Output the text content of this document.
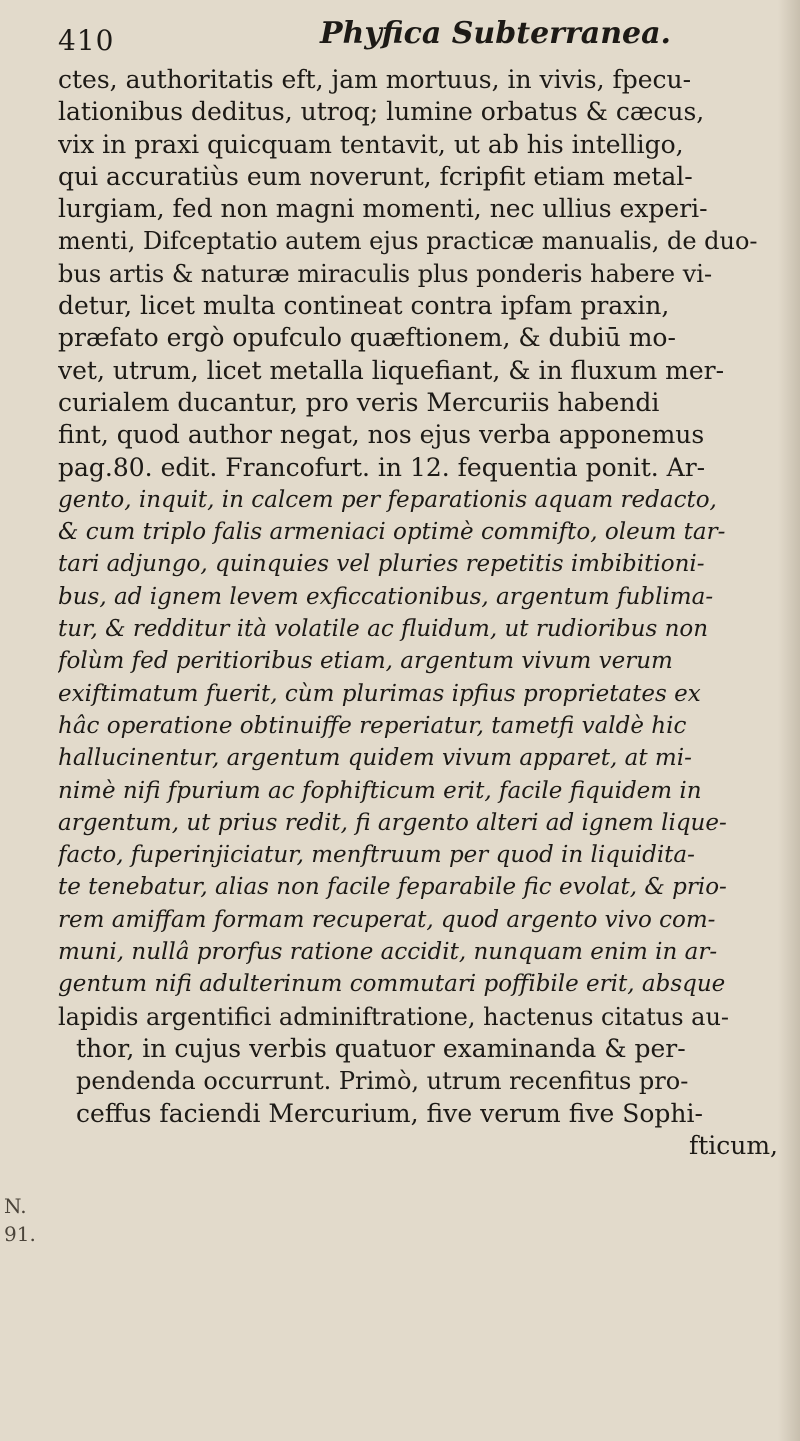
410	Phyfica Subterranea.
ctes, authoritatis eft, jam mortuus, in vivis, fpecu-
lationibus deditus, utroq; lumine orbatus & cæcus,
vix in praxi quicquam tentavit, ut ab his intelligo,
qui accuratiùs eum noverunt, fcripfit etiam metal-
lurgiam, fed non magni momenti, nec ullius experi-
menti, Difceptatio autem ejus practicæ manualis, de duo-
bus artis & naturæ miraculis plus ponderis habere vi-
detur, licet multa contineat contra ipfam praxin,
præfato ergò opufculo quæftionem, & dubiū mo-
vet, utrum, licet metalla liquefiant, & in fluxum mer-
curialem ducantur, pro veris Mercuriis habendi
fint, quod author negat, nos ejus verba apponemus
pag.80. edit. Francofurt. in 12. fequentia ponit. Ar-
gento, inquit, in calcem per feparationis aquam redacto,
& cum triplo falis armeniaci optimè commifto, oleum tar-
tari adjungo, quinquies vel pluries repetitis imbibitioni-
bus, ad ignem levem exficcationibus, argentum fublima-
tur, & redditur ità volatile ac fluidum, ut rudioribus non
folùm fed peritioribus etiam, argentum vivum verum
exiftimatum fuerit, cùm plurimas ipfius proprietates ex
hâc operatione obtinuiffe reperiatur, tametfi valdè hic
hallucinentur, argentum quidem vivum apparet, at mi-
nimè nifi fpurium ac fophifticum erit, facile fiquidem in
argentum, ut prius redit, fi argento alteri ad ignem lique-
facto, fuperinjiciatur, menftruum per quod in liquidita-
te tenebatur, alias non facile feparabile fic evolat, & prio-
rem amiffam formam recuperat, quod argento vivo com-
muni, nullâ prorfus ratione accidit, nunquam enim in ar-
gentum nifi adulterinum commutari poffibile erit, absque
lapidis argentifici adminiftratione, hactenus citatus au-
thor, in cujus verbis quatuor examinanda & per-
pendenda occurrunt. Primò, utrum recenfitus pro-
ceffus faciendi Mercurium, five verum five Sophi-
fticum,
N.
91.
